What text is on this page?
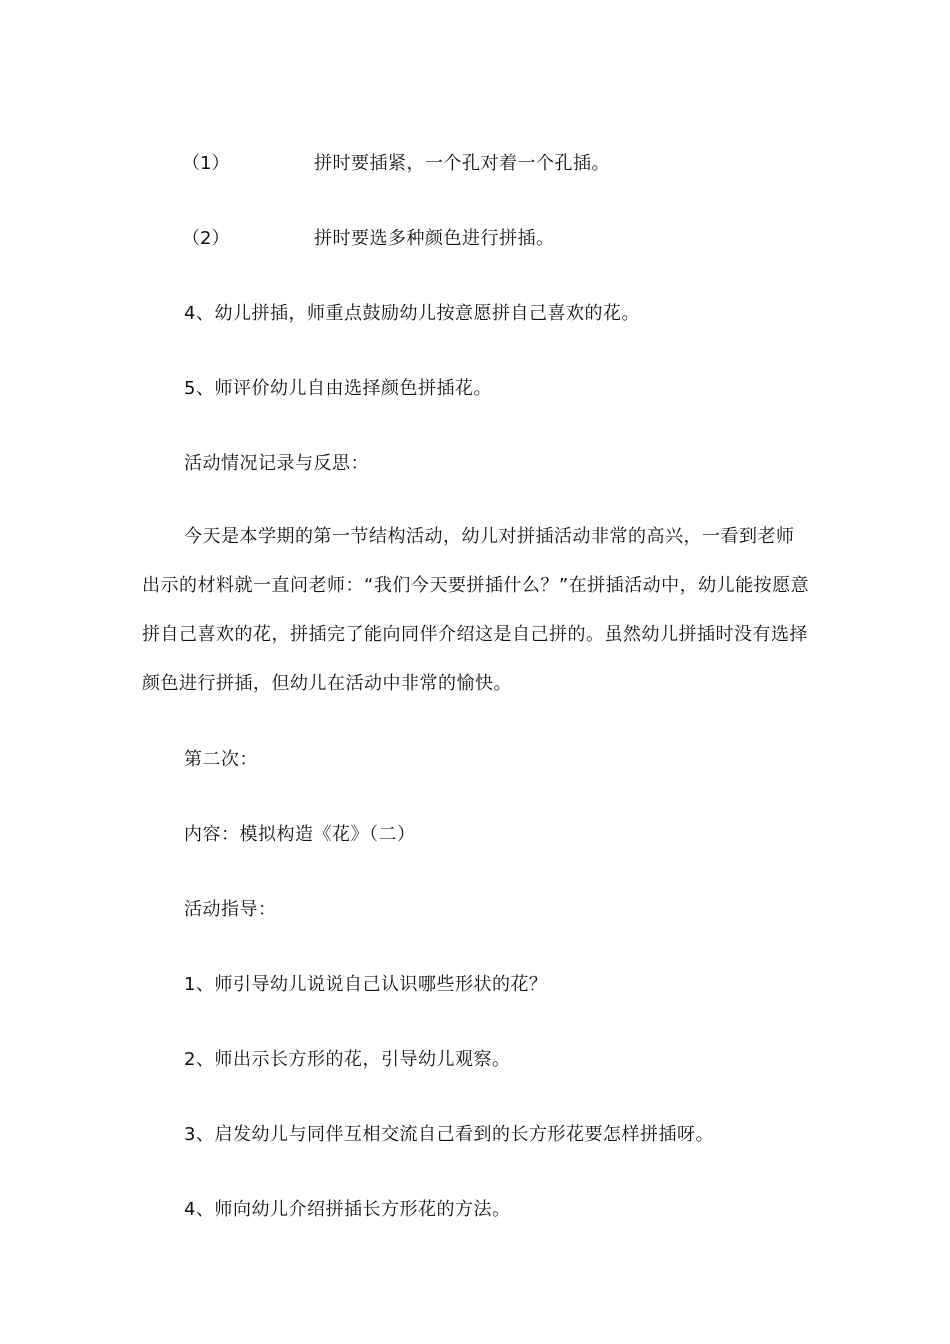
（1）	拼时要插紧，一个孔对着一个孔插。
（2）	拼时要选多种颜色进行拼插。
4、幼儿拼插，师重点鼓励幼儿按意愿拼自己喜欢的花。
5、师评价幼儿自由选择颜色拼插花。
活动情况记录与反思：
今天是本学期的第一节结构活动，幼儿对拼插活动非常的高兴，一看到老师出示的材料就一直问老师：“我们今天要拼插什么？”在拼插活动中，幼儿能按愿意拼自己喜欢的花，拼插完了能向同伴介绍这是自己拼的。虽然幼儿拼插时没有选择颜色进行拼插，但幼儿在活动中非常的愉快。
第二次：
内容：模拟构造《花》（二）
活动指导：
1、师引导幼儿说说自己认识哪些形状的花？
2、师出示长方形的花，引导幼儿观察。
3、启发幼儿与同伴互相交流自己看到的长方形花要怎样拼插呀。
4、师向幼儿介绍拼插长方形花的方法。
